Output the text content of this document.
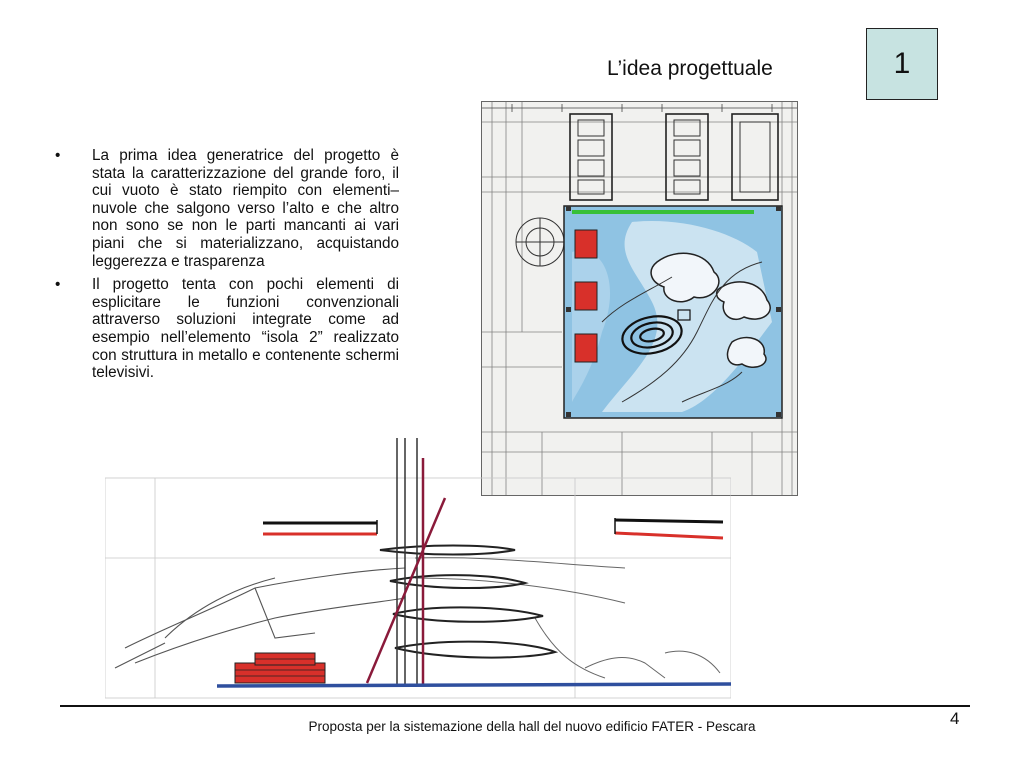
L’idea progettuale	1
• La prima idea generatrice del progetto è stata la caratterizzazione del grande foro, il cui vuoto è stato riempito con elementi–nuvole che salgono verso l’alto e che altro non sono se non le parti mancanti ai vari piani che si materializzano, acquistando leggerezza e trasparenza
• Il progetto tenta con pochi elementi di esplicitare le funzioni convenzionali attraverso soluzioni integrate come ad esempio nell’elemento “isola 2” realizzato con struttura in metallo e contenente schermi televisivi.
Proposta per la sistemazione della hall del nuovo edificio FATER - Pescara	4
